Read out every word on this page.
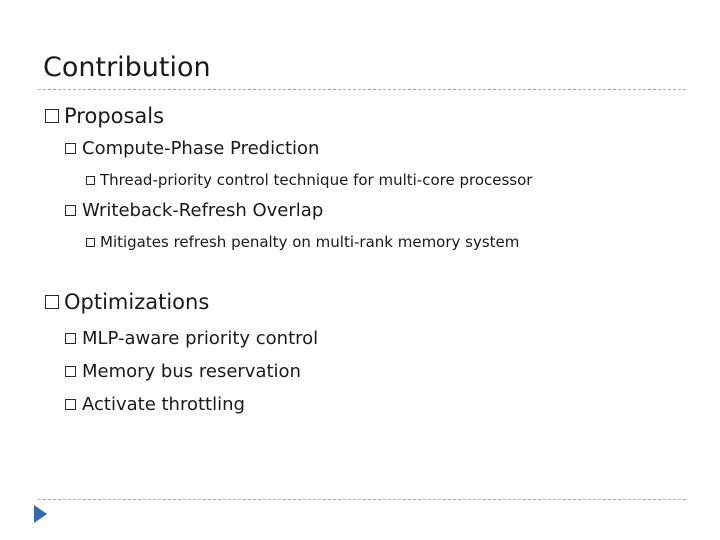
Contribution
Proposals
Compute-Phase Prediction
Thread-priority control technique for multi-core processor
Writeback-Refresh Overlap
Mitigates refresh penalty on multi-rank memory system
Optimizations
MLP-aware priority control
Memory bus reservation
Activate throttling
